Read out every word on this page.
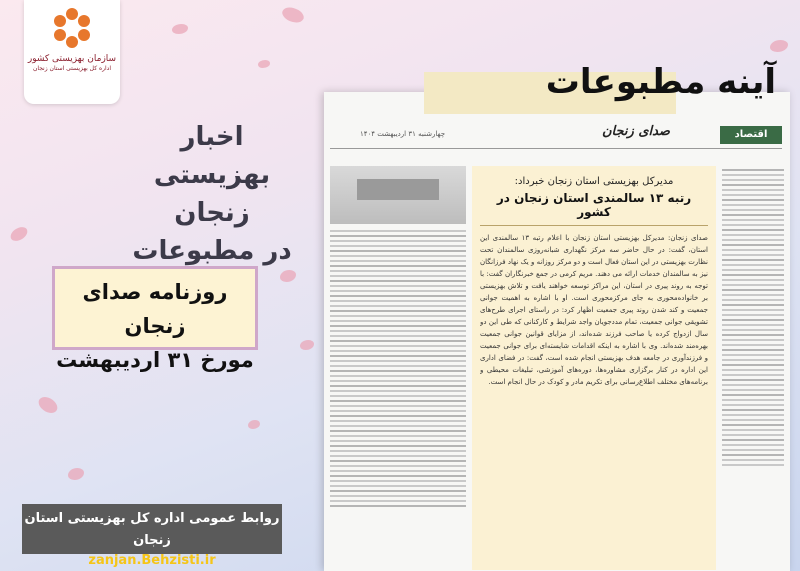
سازمان بهزیستی کشور
اداره کل بهزیستی استان زنجان
اخبار
بهزیستی زنجان
در مطبوعات
روزنامه صدای زنجان
مورخ ۳۱ اردیبهشت
روابط عمومی اداره کل بهزیستی استان زنجان
zanjan.Behzisti.ir
چهارشنبه ۳۱ اردیبهشت ۱۴۰۴	صدای زنجان	اقتصاد
مدیرکل بهزیستی استان زنجان خبرداد:
رتبه ۱۳ سالمندی استان زنجان در کشور
صدای زنجان: مدیرکل بهزیستی استان زنجان با اعلام رتبه ۱۳ سالمندی این استان، گفت: در حال حاضر سه مرکز نگهداری شبانه‌روزی سالمندان تحت نظارت بهزیستی در این استان فعال است و دو مرکز روزانه و یک نهاد فرزانگان نیز به سالمندان خدمات ارائه می دهند. مریم کرمی در جمع خبرنگاران گفت: با توجه به روند پیری در استان، این مراکز توسعه خواهند یافت و تلاش بهزیستی بر خانواده‌محوری به جای مرکزمحوری است. او با اشاره به اهمیت جوانی جمعیت و کند شدن روند پیری جمعیت اظهار کرد: در راستای اجرای طرح‌های تشویقی جوانی جمعیت، تمام مددجویان واجد شرایط و کارکنانی که طی این دو سال ازدواج کرده یا صاحب فرزند شده‌اند، از مزایای قوانین جوانی جمعیت بهره‌مند شده‌اند. وی با اشاره به اینکه اقدامات شایسته‌ای برای جوانی جمعیت و فرزندآوری در جامعه هدف بهزیستی انجام شده است، گفت: در فضای اداری این اداره در کنار برگزاری مشاوره‌ها، دوره‌های آموزشی، تبلیغات محیطی و برنامه‌های مختلف اطلاع‌رسانی برای تکریم مادر و کودک در حال انجام است.
آینه مطبوعات
